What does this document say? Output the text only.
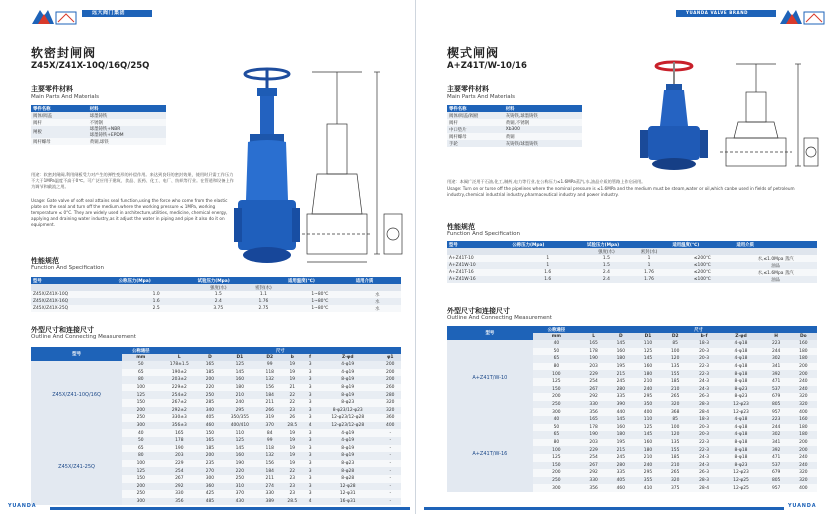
远大阀门集团
软密封闸阀
Z45X/Z41X-10Q/16Q/25Q
主要零件材料
Main Parts And Materials
零件名称	材料
阀体/阀盖	球墨铸铁
阀杆	不锈钢
闸板	球墨铸铁+NBR
球墨铸铁+EPDM
阀杆螺母	黄铜,球铁
用途：软密封闸阀,利用闸板受力对产生的弹性变形的补偿作用。来达到良好的密封效果，使用时只需工作压力不大于1MPa温度不高于0℃。可广泛应用于建筑、食品、医药、化工、电厂、纺织等行业。在管道和设备上作为调节和截流之用。
Usage: Gate valve of soft seal attains seal function,using the force who come from the elastic plate on the seal and turn off the medium.where the working pressure ≤ 1MPa, working temperature ≤ 0°C. They are widely used in architecture,utilities, medicine, chemical energy, applying and draining water industry,as it adjust the water in piping and pipe it also do it on equipment.
性能规范
Function And Specification
型号	公称压力(Mpa)	试验压力(Mpa)		适用温度(℃)	适用介质
		强度(水)	密封(水)		
Z45X/Z41X-10Q	1.0	1.5	1.1	1~80℃	水
Z45X/Z41X-16Q	1.6	2.4	1.76	1~80℃	水
Z45X/Z41X-25Q	2.5	3.75	2.75	1~80℃	水
外型尺寸和连接尺寸
Outline And Connecting Measurement
型号	公称通径	尺寸							
	mm	L	D	D1	D2	b	f	Z-φd	φ1
Z45X/Z41-10Q/16Q	50	178±1.5	165	125	99	19	3	4-φ19	200
	65	190±2	185	145	118	19	3	4-φ19	200
	80	203±2	200	160	132	19	3	8-φ19	200
	100	229±2	220	180	156	21	3	8-φ19	260
	125	254±2	250	210	184	22	3	8-φ19	280
	150	267±2	285	240	211	22	3	8-φ23	320
	200	292±2	340	295	266	23	3	8-φ23/12-φ23	320
	250	330±3	405	350/355	319	26	3	12-φ23/12-φ28	360
	300	356±3	460	400/410	370	28.5	4	12-φ23/12-φ28	400
Z45X/Z41-25Q	40	165	150	110	84	19	3	4-φ19	-
	50	178	165	125	99	19	3	4-φ19	-
	65	190	185	145	118	19	3	8-φ19	-
	80	203	200	160	132	19	3	8-φ19	-
	100	229	235	190	156	19	3	8-φ23	-
	125	254	270	220	184	22	3	8-φ28	-
	150	267	300	250	211	23	3	8-φ28	-
	200	292	360	310	274	23	3	12-φ28	-
	250	330	425	370	330	23	3	12-φ31	-
	300	356	485	430	389	28.5	4	16-φ31	-
YUANDA
YUANDA VALVE BRAND
楔式闸阀
A+Z41T/W-10/16
主要零件材料
Main Parts And Materials
零件名称	材料
阀体/阀盖/阀板	灰铸铁,球墨铸铁
阀杆	黄铜,不锈钢
中口垫片	Xb300
阀杆螺母	黄铜
手轮	灰铸铁/球墨铸铁
用途：本阀广泛用于石油,化工,制药,电力等行业,在公称压力≤1.6MPa蒸汽,水,油品介质的管路上作启闭用。
Usage: Turn on or turse off the pipelines where the nominal pressure is ≤1.6MPa and the medium must be steam,water or oil,which canbe used in fields of petroleum industry,chemical industrial industry,pharmaceutical industry and power industry.
性能规范
Function And Specification
型号	公称压力(Mpa)	试验压力(Mpa)		适用温度(℃)	适用介质
		强度(水)	密封(水)		
A+Z41T-10	1	1.5	1	≤200℃	水,≤1.0Mpa 蒸汽
A+Z41W-10	1	1.5	1	≤100℃	油品
A+Z41T-16	1.6	2.4	1.76	≤200℃	水,≤1.6Mpa 蒸汽
A+Z41W-16	1.6	2.4	1.76	≤100℃	油品
外型尺寸和连接尺寸
Outline And Connecting Measurement
型号	公称通径	尺寸							
	mm	L	D	D1	D2	b-f	Z-φd	H	Do
A+Z41T/W-10	40	165	145	110	85	18-3	4-φ18	223	160
	50	178	160	125	100	20-3	4-φ18	244	180
	65	190	180	145	120	20-3	4-φ18	302	180
	80	203	195	160	135	22-3	4-φ18	341	200
	100	229	215	180	155	22-3	8-φ18	392	200
	125	254	245	210	185	24-3	8-φ18	471	240
	150	267	280	240	210	24-3	8-φ23	537	240
	200	292	335	295	265	26-3	8-φ23	679	320
	250	330	390	350	320	28-3	12-φ23	805	320
	300	356	440	400	368	28-4	12-φ23	957	400
A+Z41T/W-16	40	165	145	110	85	18-3	4-φ18	223	160
	50	178	160	125	100	20-3	4-φ18	244	180
	65	190	180	145	120	20-3	4-φ18	302	180
	80	203	195	160	135	22-3	8-φ18	341	200
	100	229	215	180	155	22-3	8-φ18	392	200
	125	254	245	210	185	24-3	8-φ18	471	240
	150	267	280	240	210	24-3	8-φ23	537	240
	200	292	335	295	265	26-3	12-φ23	679	320
	250	330	405	355	320	28-3	12-φ25	805	320
	300	356	460	410	375	28-4	12-φ25	957	400
YUANDA
